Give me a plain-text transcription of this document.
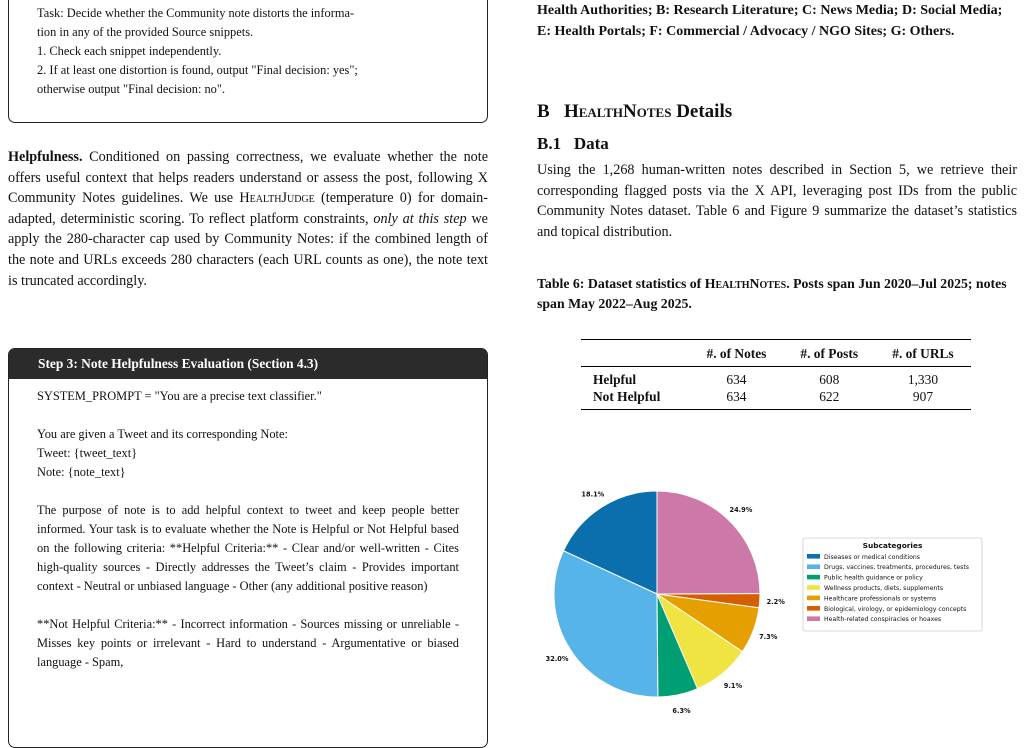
Task: Decide whether the Community note distorts the informa-

tion in any of the provided Source snippets.

1. Check each snippet independently.

2. If at least one distortion is found, output "Final decision: yes";

otherwise output "Final decision: no".

Helpfulness. Conditioned on passing correctness, we evaluate whether the note offers useful context that helps readers understand or assess the post, following X Community Notes guidelines. We use HealthJudge (temperature 0) for domain-adapted, deterministic scoring. To reflect platform constraints, only at this step we apply the 280-character cap used by Community Notes: if the combined length of the note and URLs exceeds 280 characters (each URL counts as one), the note text is truncated accordingly.
Step 3: Note Helpfulness Evaluation (Section 4.3)

SYSTEM_PROMPT = "You are a precise text classifier."

You are given a Tweet and its corresponding Note:

Tweet: {tweet_text}

Note: {note_text}

The purpose of note is to add helpful context to tweet and keep people better informed. Your task is to evaluate whether the Note is Helpful or Not Helpful based on the following criteria: **Helpful Criteria:** - Clear and/or well-written - Cites high-quality sources - Directly addresses the Tweet’s claim - Provides important context - Neutral or unbiased language - Other (any additional positive reason)

**Not Helpful Criteria:** - Incorrect information - Sources missing or unreliable - Misses key points or irrelevant - Hard to understand - Argumentative or biased language - Spam,

Health Authorities; B: Research Literature; C: News Media; D: Social Media; E: Health Portals; F: Commercial / Advocacy / NGO Sites; G: Others.
B HealthNotes Details
B.1 Data
Using the 1,268 human-written notes described in Section 5, we retrieve their corresponding flagged posts via the X API, leveraging post IDs from the public Community Notes dataset. Table 6 and Figure 9 summarize the dataset’s statistics and topical distribution.
Table 6: Dataset statistics of HealthNotes. Posts span Jun 2020–Jul 2025; notes span May 2022–Aug 2025.
	#. of Notes	#. of Posts	#. of URLs
Helpful	634	608	1,330
Not Helpful	634	622	907
18.1%
32.0%
6.3%
9.1%
7.3%
2.2%
24.9%
Subcategories
Diseases or medical conditions
Drugs, vaccines, treatments, procedures, tests
Public health guidance or policy
Wellness products, diets, supplements
Healthcare professionals or systems
Biological, virology, or epidemiology concepts
Health-related conspiracies or hoaxes
